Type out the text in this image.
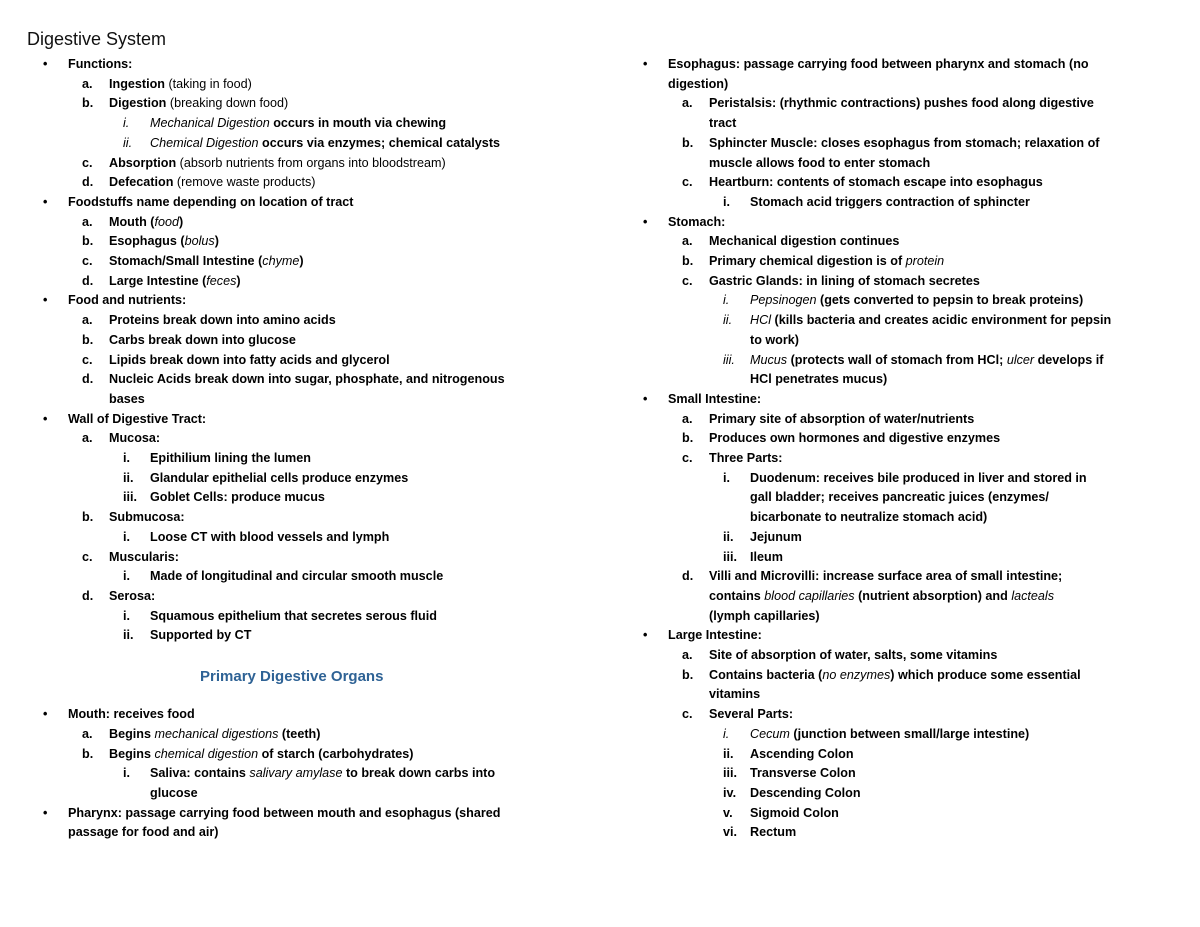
Digestive System
Primary Digestive Organs
• Functions:
a. Ingestion (taking in food)
b. Digestion (breaking down food)
i. Mechanical Digestion occurs in mouth via chewing
ii. Chemical Digestion occurs via enzymes; chemical catalysts
c. Absorption (absorb nutrients from organs into bloodstream)
d. Defecation (remove waste products)
• Foodstuffs name depending on location of tract
a. Mouth (food)
b. Esophagus (bolus)
c. Stomach/Small Intestine (chyme)
d. Large Intestine (feces)
• Food and nutrients:
a. Proteins break down into amino acids
b. Carbs break down into glucose
c. Lipids break down into fatty acids and glycerol
d. Nucleic Acids break down into sugar, phosphate, and nitrogenous
bases
• Wall of Digestive Tract:
a. Mucosa:
i. Epithilium lining the lumen
ii. Glandular epithelial cells produce enzymes
iii. Goblet Cells: produce mucus
b. Submucosa:
i. Loose CT with blood vessels and lymph
c. Muscularis:
i. Made of longitudinal and circular smooth muscle
d. Serosa:
i. Squamous epithelium that secretes serous fluid
ii. Supported by CT
• Mouth: receives food
a. Begins mechanical digestions (teeth)
b. Begins chemical digestion of starch (carbohydrates)
i. Saliva: contains salivary amylase to break down carbs into
glucose
• Pharynx: passage carrying food between mouth and esophagus (shared
passage for food and air)
• Esophagus: passage carrying food between pharynx and stomach (no
digestion)
a. Peristalsis: (rhythmic contractions) pushes food along digestive
tract
b. Sphincter Muscle: closes esophagus from stomach; relaxation of
muscle allows food to enter stomach
c. Heartburn: contents of stomach escape into esophagus
i. Stomach acid triggers contraction of sphincter
• Stomach:
a. Mechanical digestion continues
b. Primary chemical digestion is of protein
c. Gastric Glands: in lining of stomach secretes
i. Pepsinogen (gets converted to pepsin to break proteins)
ii. HCl (kills bacteria and creates acidic environment for pepsin
to work)
iii. Mucus (protects wall of stomach from HCl; ulcer develops if
HCl penetrates mucus)
• Small Intestine:
a. Primary site of absorption of water/nutrients
b. Produces own hormones and digestive enzymes
c. Three Parts:
i. Duodenum: receives bile produced in liver and stored in
gall bladder; receives pancreatic juices (enzymes/
bicarbonate to neutralize stomach acid)
ii. Jejunum
iii. Ileum
d. Villi and Microvilli: increase surface area of small intestine;
contains blood capillaries (nutrient absorption) and lacteals
(lymph capillaries)
• Large Intestine:
a. Site of absorption of water, salts, some vitamins
b. Contains bacteria (no enzymes) which produce some essential
vitamins
c. Several Parts:
i. Cecum (junction between small/large intestine)
ii. Ascending Colon
iii. Transverse Colon
iv. Descending Colon
v. Sigmoid Colon
vi. Rectum
